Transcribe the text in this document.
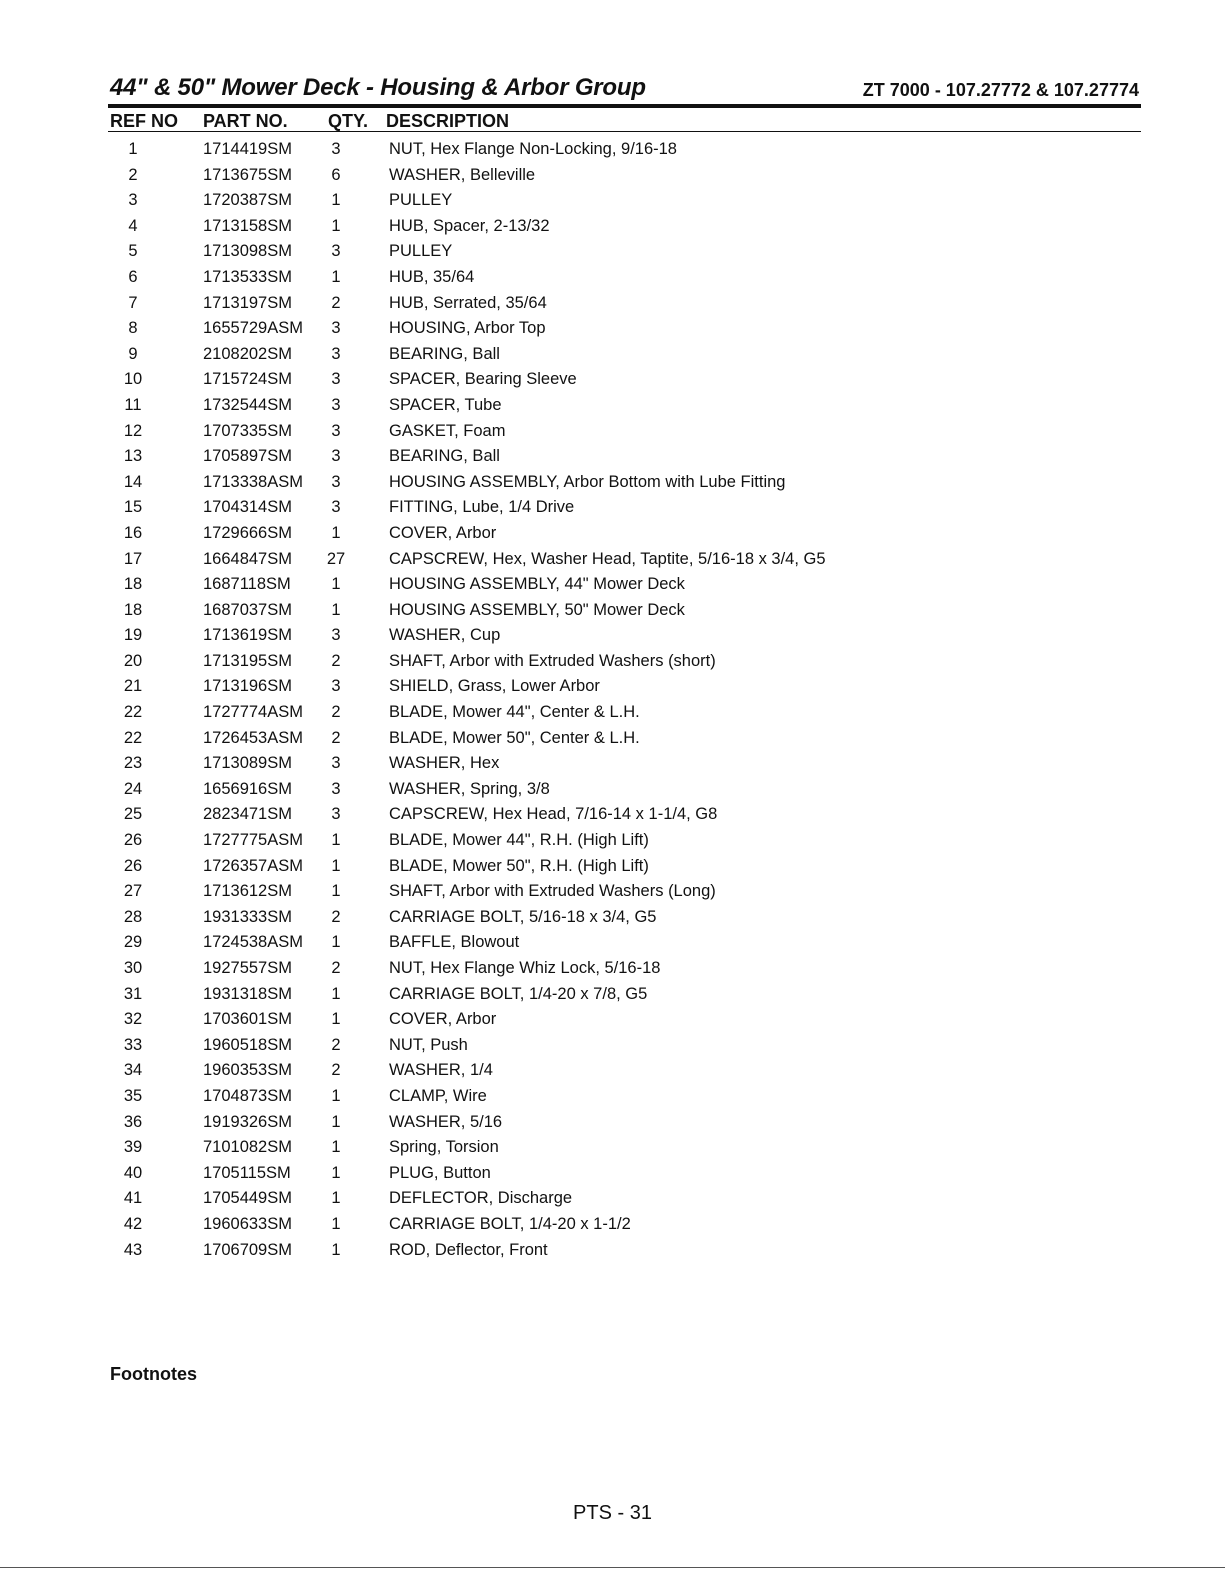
44" & 50" Mower Deck - Housing & Arbor Group	ZT 7000 - 107.27772 & 107.27774
REF NO PART NO. QTY. DESCRIPTION
1	1714419SM	3	NUT, Hex Flange Non-Locking, 9/16-18
2	1713675SM	6	WASHER, Belleville
3	1720387SM	1	PULLEY
4	1713158SM	1	HUB, Spacer, 2-13/32
5	1713098SM	3	PULLEY
6	1713533SM	1	HUB, 35/64
7	1713197SM	2	HUB, Serrated, 35/64
8	1655729ASM	3	HOUSING, Arbor Top
9	2108202SM	3	BEARING, Ball
10	1715724SM	3	SPACER, Bearing Sleeve
11	1732544SM	3	SPACER, Tube
12	1707335SM	3	GASKET, Foam
13	1705897SM	3	BEARING, Ball
14	1713338ASM	3	HOUSING ASSEMBLY, Arbor Bottom with Lube Fitting
15	1704314SM	3	FITTING, Lube, 1/4 Drive
16	1729666SM	1	COVER, Arbor
17	1664847SM 27	CAPSCREW, Hex, Washer Head, Taptite, 5/16-18 x 3/4, G5
18	1687118SM	1	HOUSING ASSEMBLY, 44" Mower Deck
18	1687037SM	1	HOUSING ASSEMBLY, 50" Mower Deck
19	1713619SM	3	WASHER, Cup
20	1713195SM	2	SHAFT, Arbor with Extruded Washers (short)
21	1713196SM	3	SHIELD, Grass, Lower Arbor
22	1727774ASM	2	BLADE, Mower 44", Center & L.H.
22	1726453ASM	2	BLADE, Mower 50", Center & L.H.
23	1713089SM	3	WASHER, Hex
24	1656916SM	3	WASHER, Spring, 3/8
25	2823471SM	3	CAPSCREW, Hex Head, 7/16-14 x 1-1/4, G8
26	1727775ASM	1	BLADE, Mower 44", R.H. (High Lift)
26	1726357ASM	1	BLADE, Mower 50", R.H. (High Lift)
27	1713612SM	1	SHAFT, Arbor with Extruded Washers (Long)
28	1931333SM	2	CARRIAGE BOLT, 5/16-18 x 3/4, G5
29	1724538ASM	1	BAFFLE, Blowout
30	1927557SM	2	NUT, Hex Flange Whiz Lock, 5/16-18
31	1931318SM	1	CARRIAGE BOLT, 1/4-20 x 7/8, G5
32	1703601SM	1	COVER, Arbor
33	1960518SM	2	NUT, Push
34	1960353SM	2	WASHER, 1/4
35	1704873SM	1	CLAMP, Wire
36	1919326SM	1	WASHER, 5/16
39	7101082SM	1	Spring, Torsion
40	1705115SM	1	PLUG, Button
41	1705449SM	1	DEFLECTOR, Discharge
42	1960633SM	1	CARRIAGE BOLT, 1/4-20 x 1-1/2
43	1706709SM	1	ROD, Deflector, Front
Footnotes
PTS - 31
